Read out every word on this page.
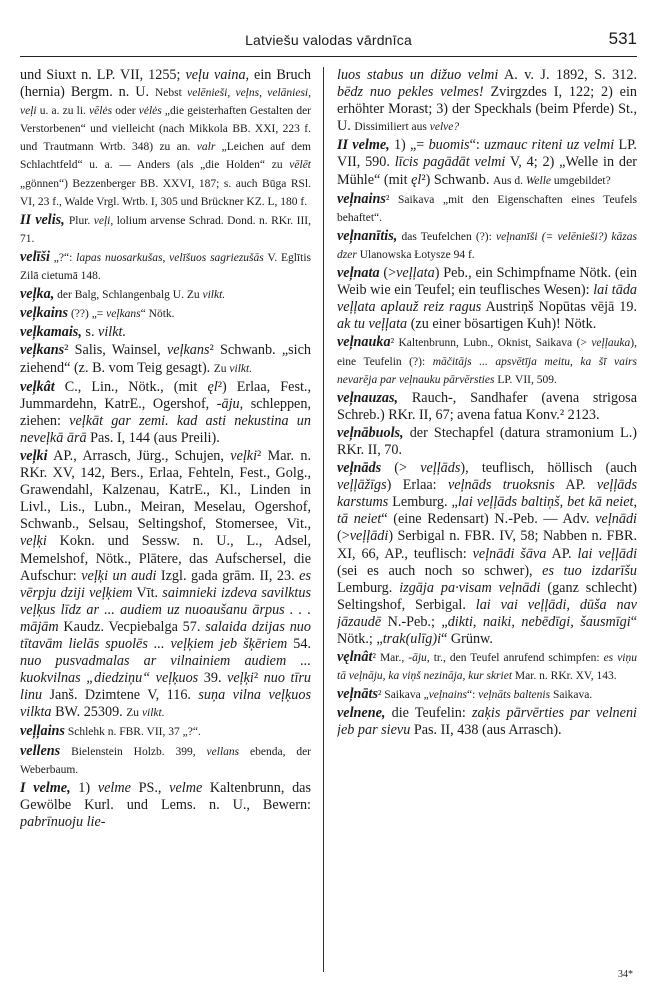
Latviešu valodas vārdnīca	531

und Siuxt n. LP. VII, 1255; veļu vaina, ein Bruch (hernia) Bergm. n. U. Nebst velēnieši, veļns, velāniesi, veļi u. a. zu li. vēlės oder vėlės „die geisterhaften Gestalten der Verstorbenen“ und vielleicht (nach Mikkola BB. XXI, 223 f. und Trautmann Wrtb. 348) zu an. valr „Leichen auf dem Schlachtfeld“ u. a. — Anders (als „die Holden“ zu vēlēt „gönnen“) Bezzenberger BB. XXVI, 187; s. auch Būga RSl. VI, 23 f., Walde Vrgl. Wrtb. I, 305 und Brückner KZ. L, 180 f.

II velis, Plur. veļi, lolium arvense Schrad. Dond. n. RKr. III, 71.

velīši „?“: lapas nuosarkušas, velīšuos sagriezušās V. Eglītis Zilā cietumā 148.

veļka, der Balg, Schlangenbalg U. Zu vilkt.

veļkains (??) „= veļkans“ Nötk.

veļkamais, s. vilkt.

veļkans² Salis, Wainsel, veļkans² Schwanb. „sich ziehend“ (z. B. vom Teig gesagt). Zu vilkt.

veļkât C., Lin., Nötk., (mit ęl²) Erlaa, Fest., Jummardehn, KatrE., Ogershof, -āju, schleppen, ziehen: veļkāt gar zemi. kad asti nekustina un neveļkā ārā Pas. I, 144 (aus Preili).

veļki AP., Arrasch, Jürg., Schujen, veļki² Mar. n. RKr. XV, 142, Bers., Erlaa, Fehteln, Fest., Golg., Grawendahl, Kalzenau, KatrE., Kl., Linden in Livl., Lis., Lubn., Meiran, Meselau, Ogershof, Schwanb., Selsau, Seltingshof, Stomersee, Vit., veļķi Kokn. und Sessw. n. U., L., Adsel, Memelshof, Nötk., Plātere, das Aufschersel, die Aufschur: veļķi un audi Izgl. gada grām. II, 23. es vērpju dziji veļķiem Vīt. saimnieki izdeva savilktus veļķus līdz ar ... audiem uz nuoaušanu ārpus . . . mājām Kaudz. Vecpiebalga 57. salaida dzijas nuo tītavām lielās spuolēs ... veļķiem jeb šķēriem 54. nuo pusvadmalas ar vilnainiem audiem ... kuokvilnas „diedziņu“ veļķuos 39. veļķi² nuo tīru linu Janš. Dzimtene V, 116. suņa vilna veļķuos vilkta BW. 25309. Zu vilkt.

veļļains Schlehk n. FBR. VII, 37 „?“.

vellens Bielenstein Holzb. 399, vellans ebenda, der Weberbaum.

I velme, 1) velme PS., velme Kaltenbrunn, das Gewölbe Kurl. und Lems. n. U., Bewern: pabrīnuoju lie-

luos stabus un dižuo velmi A. v. J. 1892, S. 312. bēdz nuo pekles velmes! Zvirgzdes I, 122; 2) ein erhöhter Morast; 3) der Speckhals (beim Pferde) St., U. Dissimiliert aus velve?

II velme, 1) „= buomis“: uzmauc riteni uz velmi LP. VII, 590. līcis pagādāt velmi V, 4; 2) „Welle in der Mühle“ (mit ęl²) Schwanb. Aus d. Welle umgebildet?

veļnains² Saikava „mit den Eigenschaften eines Teufels behaftet“.

veļnanītis, das Teufelchen (?): veļnanīši (= velēnieši?) kāzas dzer Ulanowska Łotysze 94 f.

veļnata (>veļļata) Peb., ein Schimpfname Nötk. (ein Weib wie ein Teufel; ein teuflisches Wesen): lai tāda veļļata aplauž reiz ragus Austriņš Nopūtas vējā 19. ak tu veļļata (zu einer bösartigen Kuh)! Nötk.

veļnauka² Kaltenbrunn, Lubn., Oknist, Saikava (> veļļauka), eine Teufelin (?): māčitājs ... apsvētīja meitu, ka šī vairs nevarēja par veļnauku pārvērsties LP. VII, 509.

veļnauzas, Rauch-, Sandhafer (avena strigosa Schreb.) RKr. II, 67; avena fatua Konv.² 2123.

veļnābuols, der Stechapfel (datura stramonium L.) RKr. II, 70.

veļnāds (> veļļāds), teuflisch, höllisch (auch veļļāžīgs) Erlaa: veļnāds truoksnis AP. veļļāds karstums Lemburg. „lai veļļāds baltiņš, bet kā neiet, tā neiet“ (eine Redensart) N.-Peb. — Adv. veļnādi (>veļļādi) Serbigal n. FBR. IV, 58; Nabben n. FBR. XI, 66, AP., teuflisch: veļnādi šāva AP. lai veļļādi (sei es auch noch so schwer), es tuo izdarīšu Lemburg. izgāja pa·visam veļnādi (ganz schlecht) Seltingshof, Serbigal. lai vai veļļādi, dūša nav jāzaudē N.-Peb.; „dikti, naiki, nebēdīgi, šausmīgi“ Nötk.; „trak(ulīg)i“ Grünw.

vęlnât² Mar., -āju, tr., den Teufel anrufend schimpfen: es viņu tā veļnāju, ka viņš nezināja, kur skriet Mar. n. RKr. XV, 143.

veļnāts² Saikava „veļnains“: veļnāts baltenis Saikava.

velnene, die Teufelin: zaķis pārvērties par velneni jeb par sievu Pas. II, 438 (aus Arrasch).

34*
